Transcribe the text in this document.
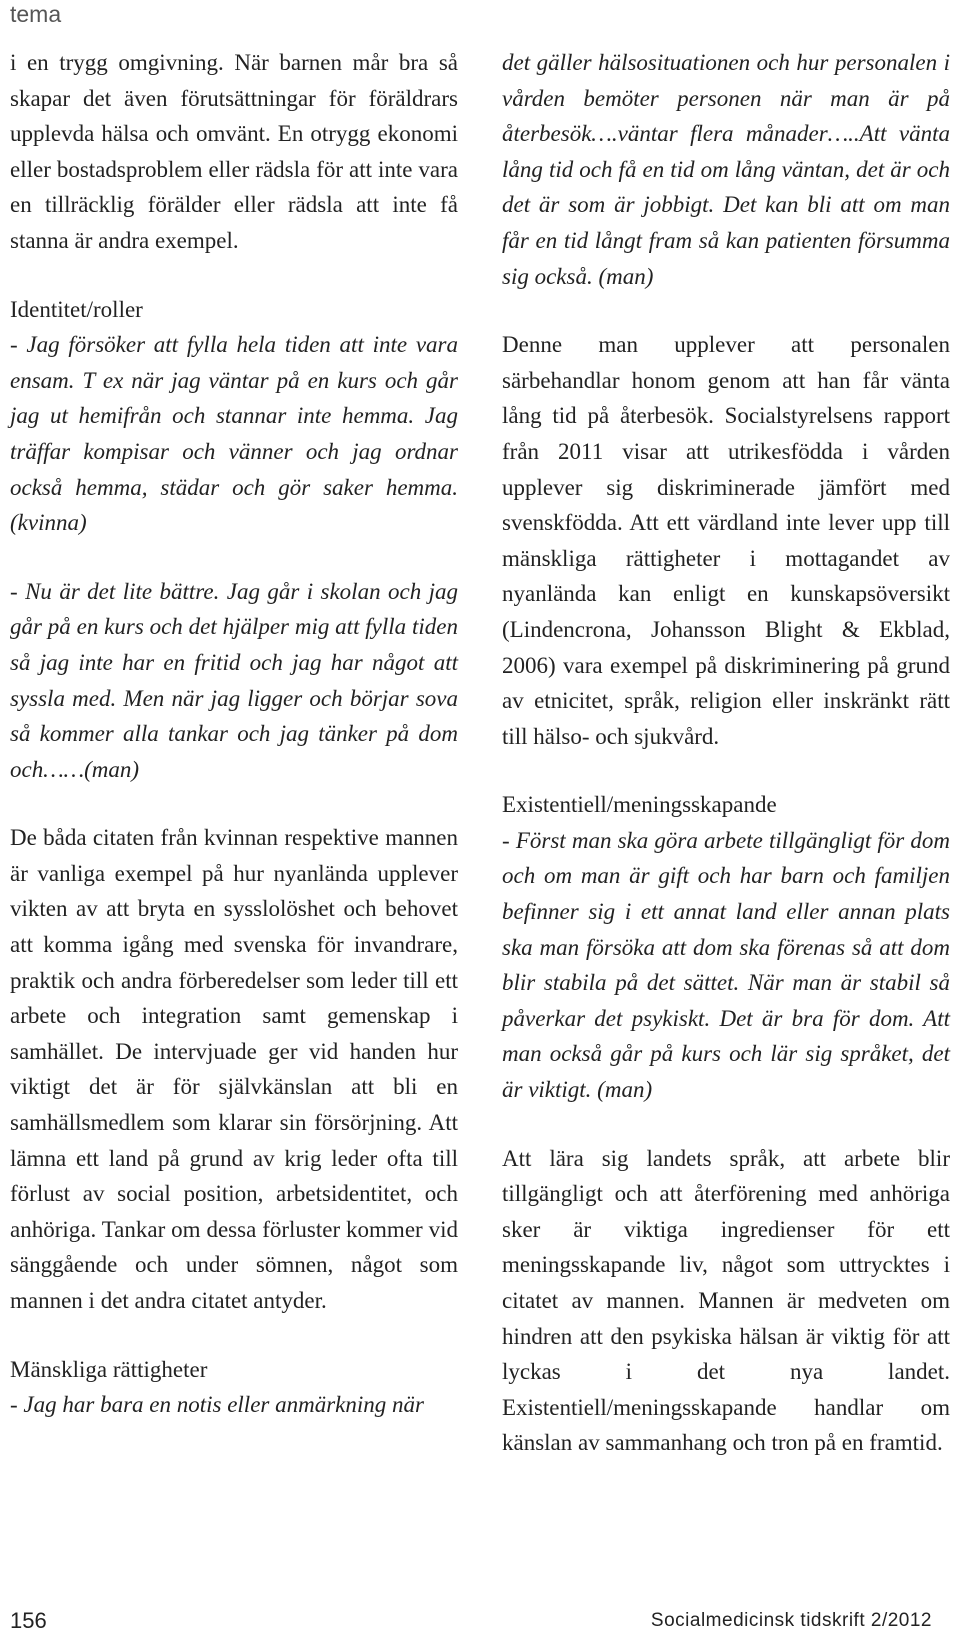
tema

i en trygg omgivning. När barnen mår bra så skapar det även förutsättningar för föräldrars upplevda hälsa och omvänt. En otrygg ekonomi eller bostadsproblem eller rädsla för att inte vara en tillräcklig förälder eller rädsla att inte få stanna är andra exempel.

Identitet/roller

- Jag försöker att fylla hela tiden att inte vara ensam. T ex när jag väntar på en kurs och går jag ut hemifrån och stannar inte hemma. Jag träffar kompisar och vänner och jag ordnar också hemma, städar och gör saker hemma. (kvinna)

- Nu är det lite bättre. Jag går i skolan och jag går på en kurs och det hjälper mig att fylla tiden så jag inte har en fritid och jag har något att syssla med. Men när jag ligger och börjar sova så kommer alla tankar och jag tänker på dom och……(man)

De båda citaten från kvinnan respektive mannen är vanliga exempel på hur nyanlända upplever vikten av att bryta en sysslolöshet och behovet att komma igång med svenska för invandrare, praktik och andra förberedelser som leder till ett arbete och integration samt gemenskap i samhället. De intervjuade ger vid handen hur viktigt det är för självkänslan att bli en samhällsmedlem som klarar sin försörjning. Att lämna ett land på grund av krig leder ofta till förlust av social position, arbetsidentitet, och anhöriga. Tankar om dessa förluster kommer vid sänggående och under sömnen, något som mannen i det andra citatet antyder.

Mänskliga rättigheter

- Jag har bara en notis eller anmärkning när

det gäller hälsosituationen och hur personalen i vården bemöter personen när man är på återbesök….väntar flera månader…..Att vänta lång tid och få en tid om lång väntan, det är och det är som är jobbigt. Det kan bli att om man får en tid långt fram så kan patienten försumma sig också. (man)

Denne man upplever att personalen särbehandlar honom genom att han får vänta lång tid på återbesök. Socialstyrelsens rapport från 2011 visar att utrikesfödda i vården upplever sig diskriminerade jämfört med svenskfödda. Att ett värdland inte lever upp till mänskliga rättigheter i mottagandet av nyanlända kan enligt en kunskapsöversikt (Lindencrona, Johansson Blight & Ekblad, 2006) vara exempel på diskriminering på grund av etnicitet, språk, religion eller inskränkt rätt till hälso- och sjukvård.

Existentiell/meningsskapande

- Först man ska göra arbete tillgängligt för dom och om man är gift och har barn och familjen befinner sig i ett annat land eller annan plats ska man försöka att dom ska förenas så att dom blir stabila på det sättet. När man är stabil så påverkar det psykiskt. Det är bra för dom. Att man också går på kurs och lär sig språket, det är viktigt. (man)

Att lära sig landets språk, att arbete blir tillgängligt och att återförening med anhöriga sker är viktiga ingredienser för ett meningsskapande liv, något som uttrycktes i citatet av mannen. Mannen är medveten om hindren att den psykiska hälsan är viktig för att lyckas i det nya landet. Existentiell/meningsskapande handlar om känslan av sammanhang och tron på en framtid.

156	Socialmedicinsk tidskrift 2/2012
